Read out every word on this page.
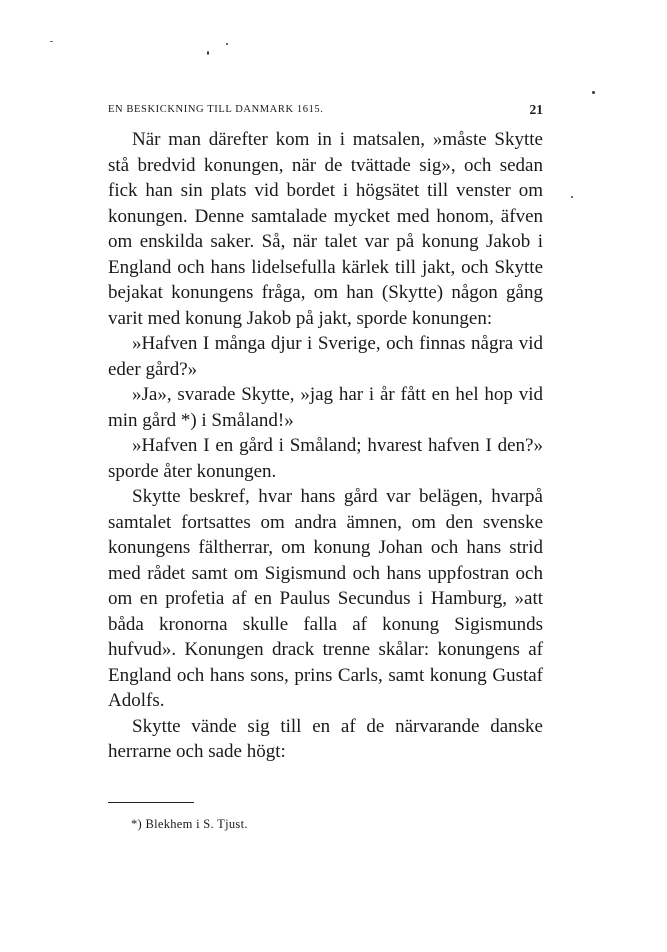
EN BESKICKNING TILL DANMARK 1615.	21

När man därefter kom in i matsalen, »måste Skytte stå bredvid konungen, när de tvättade sig», och sedan fick han sin plats vid bordet i högsätet till venster om konungen. Denne samtalade mycket med honom, äfven om enskilda saker. Så, när talet var på konung Jakob i England och hans lidelsefulla kärlek till jakt, och Skytte bejakat konungens fråga, om han (Skytte) någon gång varit med konung Jakob på jakt, sporde konungen:

»Hafven I många djur i Sverige, och finnas några vid eder gård?»

»Ja», svarade Skytte, »jag har i år fått en hel hop vid min gård *) i Småland!»

»Hafven I en gård i Småland; hvarest hafven I den?» sporde åter konungen.

Skytte beskref, hvar hans gård var belägen, hvarpå samtalet fortsattes om andra ämnen, om den svenske konungens fältherrar, om konung Johan och hans strid med rådet samt om Sigismund och hans uppfostran och om en profetia af en Paulus Secundus i Hamburg, »att båda kronorna skulle falla af konung Sigismunds hufvud». Konungen drack trenne skålar: konungens af England och hans sons, prins Carls, samt konung Gustaf Adolfs.

Skytte vände sig till en af de närvarande danske herrarne och sade högt:

*) Blekhem i S. Tjust.
